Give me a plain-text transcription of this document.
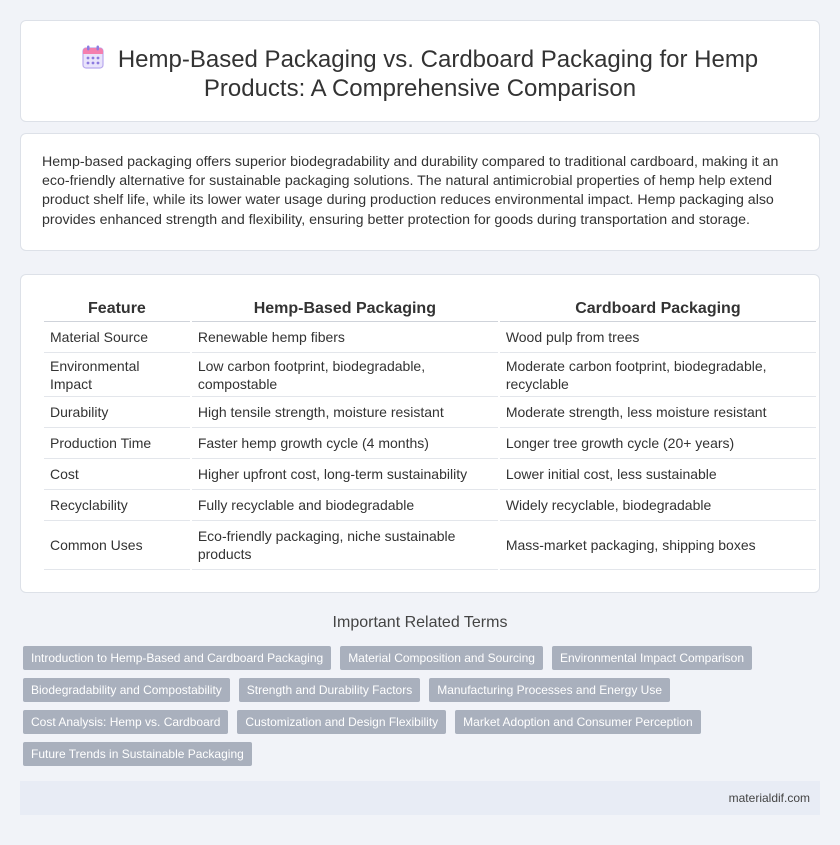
Hemp-Based Packaging vs. Cardboard Packaging for Hemp
Products: A Comprehensive Comparison

Hemp-based packaging offers superior biodegradability and durability compared to traditional cardboard, making it an eco-friendly alternative for sustainable packaging solutions. The natural antimicrobial properties of hemp help extend product shelf life, while its lower water usage during production reduces environmental impact. Hemp packaging also provides enhanced strength and flexibility, ensuring better protection for goods during transportation and storage.

Feature	Hemp-Based Packaging	Cardboard Packaging
Material Source	Renewable hemp fibers	Wood pulp from trees
Environmental Impact	Low carbon footprint, biodegradable, compostable	Moderate carbon footprint, biodegradable, recyclable
Durability	High tensile strength, moisture resistant	Moderate strength, less moisture resistant
Production Time	Faster hemp growth cycle (4 months)	Longer tree growth cycle (20+ years)
Cost	Higher upfront cost, long-term sustainability	Lower initial cost, less sustainable
Recyclability	Fully recyclable and biodegradable	Widely recyclable, biodegradable
Common Uses	Eco-friendly packaging, niche sustainable products	Mass-market packaging, shipping boxes
Important Related Terms
Introduction to Hemp-Based and Cardboard Packaging	Material Composition and Sourcing	Environmental Impact Comparison
Biodegradability and Compostability	Strength and Durability Factors	Manufacturing Processes and Energy Use
Cost Analysis: Hemp vs. Cardboard	Customization and Design Flexibility	Market Adoption and Consumer Perception
Future Trends in Sustainable Packaging
materialdif.com
